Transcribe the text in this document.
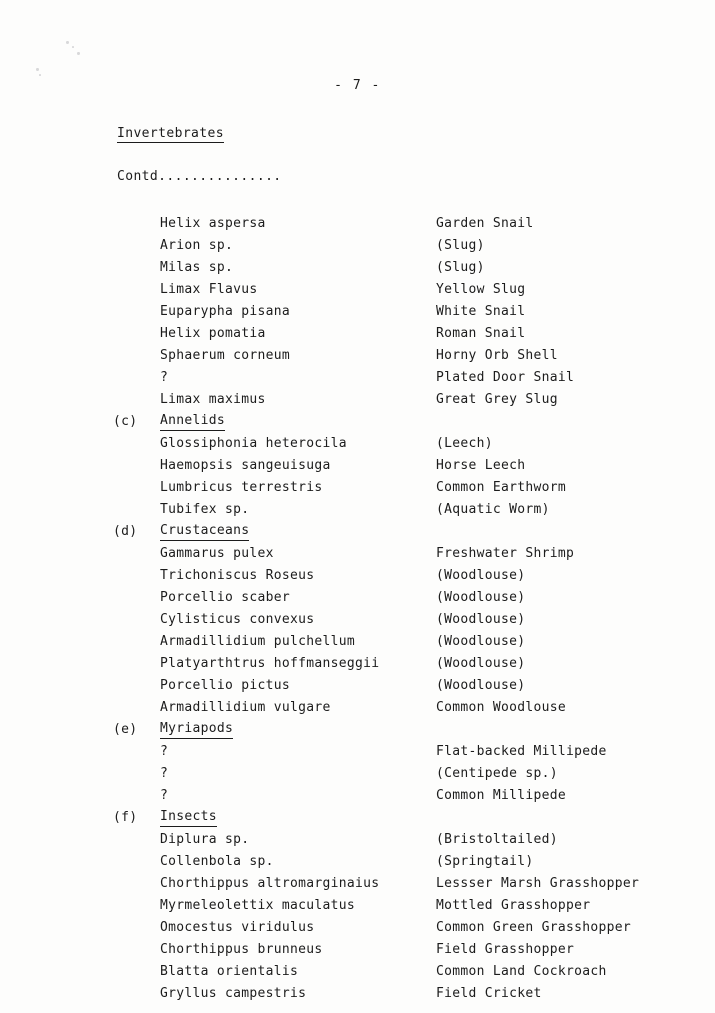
- 7 -
Invertebrates
Contd...............
Helix aspersa	Garden Snail
Arion sp.	(Slug)
Milas sp.	(Slug)
Limax Flavus	Yellow Slug
Euparypha pisana	White Snail
Helix pomatia	Roman Snail
Sphaerum corneum	Horny Orb Shell
?	Plated Door Snail
Limax maximus	Great Grey Slug
(c) Annelids
Glossiphonia heterocila	(Leech)
Haemopsis sangeuisuga	Horse Leech
Lumbricus terrestris	Common Earthworm
Tubifex sp.	(Aquatic Worm)
(d) Crustaceans
Gammarus pulex	Freshwater Shrimp
Trichoniscus Roseus	(Woodlouse)
Porcellio scaber	(Woodlouse)
Cylisticus convexus	(Woodlouse)
Armadillidium pulchellum	(Woodlouse)
Platyarthtrus hoffmanseggii	(Woodlouse)
Porcellio pictus	(Woodlouse)
Armadillidium vulgare	Common Woodlouse
(e) Myriapods
?	Flat-backed Millipede
?	(Centipede sp.)
?	Common Millipede
(f) Insects
Diplura sp.	(Bristoltailed)
Collenbola sp.	(Springtail)
Chorthippus altromarginaius	Lessser Marsh Grasshopper
Myrmeleolettix maculatus	Mottled Grasshopper
Omocestus viridulus	Common Green Grasshopper
Chorthippus brunneus	Field Grasshopper
Blatta orientalis	Common Land Cockroach
Gryllus campestris	Field Cricket
